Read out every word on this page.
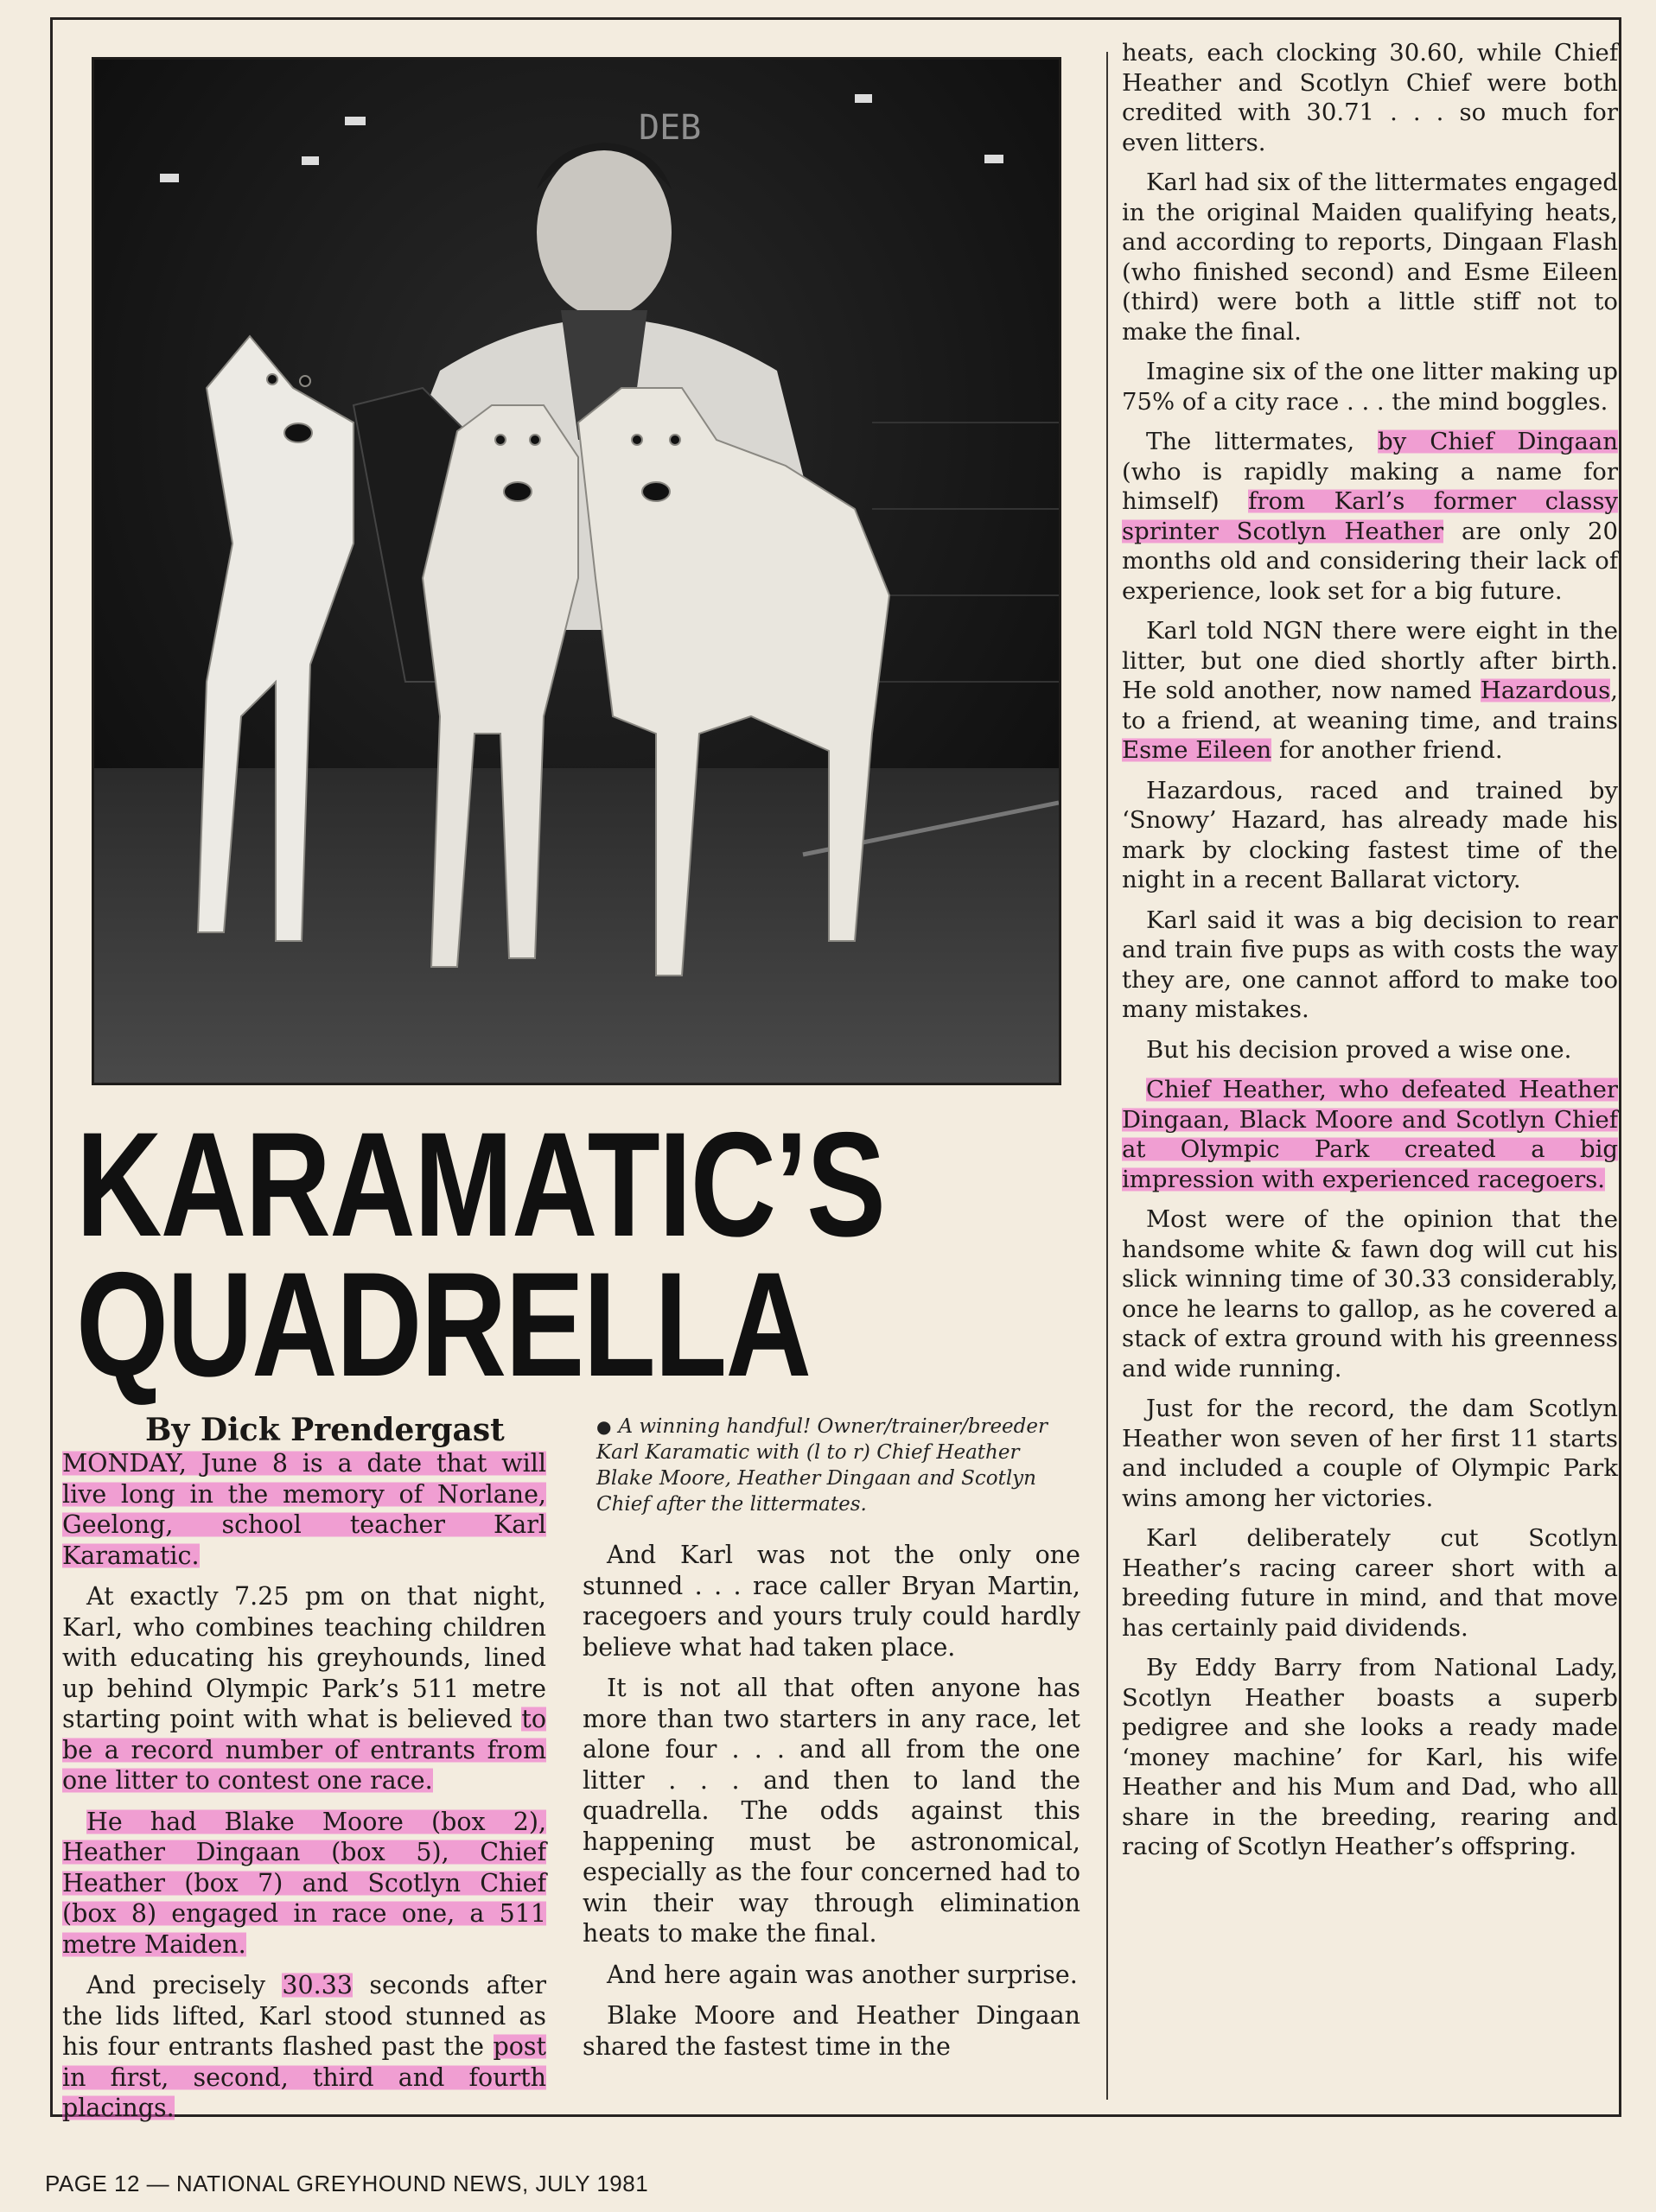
DEB
KARAMATIC’S
QUADRELLA
By Dick Prendergast	● A winning handful! Owner/trainer/breeder Karl Karamatic with (l to r) Chief Heather Blake Moore, Heather Dingaan and Scotlyn Chief after the littermates.

MONDAY, June 8 is a date that will live long in the memory of Norlane, Geelong, school teacher Karl Karamatic.

At exactly 7.25 pm on that night, Karl, who combines teaching children with educating his greyhounds, lined up behind Olympic Park’s 511 metre starting point with what is believed to be a record number of entrants from one litter to contest one race.

He had Blake Moore (box 2), Heather Dingaan (box 5), Chief Heather (box 7) and Scotlyn Chief (box 8) engaged in race one, a 511 metre Maiden.

And precisely 30.33 seconds after the lids lifted, Karl stood stunned as his four entrants flashed past the post in first, second, third and fourth placings.

And Karl was not the only one stunned . . . race caller Bryan Martin, racegoers and yours truly could hardly believe what had taken place.

It is not all that often anyone has more than two starters in any race, let alone four . . . and all from the one litter . . . and then to land the quadrella. The odds against this happening must be astronomical, especially as the four concerned had to win their way through elimination heats to make the final.

And here again was another surprise.

Blake Moore and Heather Dingaan shared the fastest time in the

heats, each clocking 30.60, while Chief Heather and Scotlyn Chief were both credited with 30.71 . . . so much for even litters.

Karl had six of the littermates engaged in the original Maiden qualifying heats, and according to reports, Dingaan Flash (who finished second) and Esme Eileen (third) were both a little stiff not to make the final.

Imagine six of the one litter making up 75% of a city race . . . the mind boggles.

The littermates, by Chief Dingaan (who is rapidly making a name for himself) from Karl’s former classy sprinter Scotlyn Heather are only 20 months old and considering their lack of experience, look set for a big future.

Karl told NGN there were eight in the litter, but one died shortly after birth. He sold another, now named Hazardous, to a friend, at weaning time, and trains Esme Eileen for another friend.

Hazardous, raced and trained by ‘Snowy’ Hazard, has already made his mark by clocking fastest time of the night in a recent Ballarat victory.

Karl said it was a big decision to rear and train five pups as with costs the way they are, one cannot afford to make too many mistakes.

But his decision proved a wise one.

Chief Heather, who defeated Heather Dingaan, Black Moore and Scotlyn Chief at Olympic Park created a big impression with experienced racegoers.

Most were of the opinion that the handsome white & fawn dog will cut his slick winning time of 30.33 considerably, once he learns to gallop, as he covered a stack of extra ground with his greenness and wide running.

Just for the record, the dam Scotlyn Heather won seven of her first 11 starts and included a couple of Olympic Park wins among her victories.

Karl deliberately cut Scotlyn Heather’s racing career short with a breeding future in mind, and that move has certainly paid dividends.

By Eddy Barry from National Lady, Scotlyn Heather boasts a superb pedigree and she looks a ready made ‘money machine’ for Karl, his wife Heather and his Mum and Dad, who all share in the breeding, rearing and racing of Scotlyn Heather’s offspring.

PAGE 12 — NATIONAL GREYHOUND NEWS, JULY 1981
